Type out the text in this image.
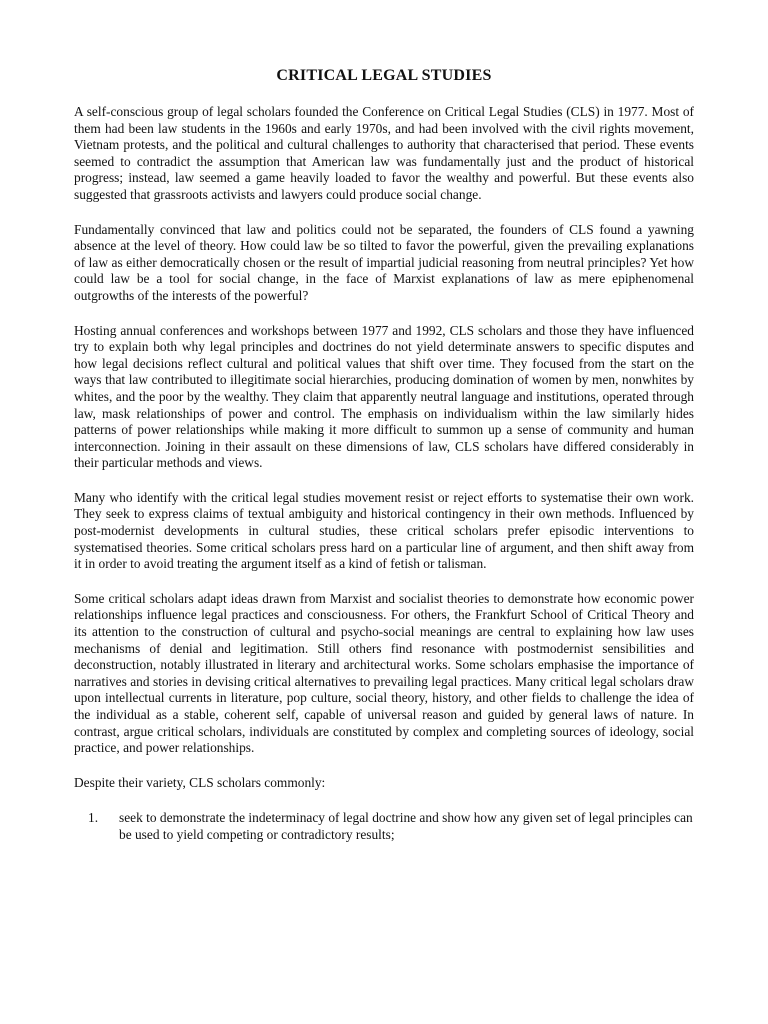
CRITICAL LEGAL STUDIES

A self-conscious group of legal scholars founded the Conference on Critical Legal Studies (CLS) in 1977. Most of them had been law students in the 1960s and early 1970s, and had been involved with the civil rights movement, Vietnam protests, and the political and cultural challenges to authority that characterised that period. These events seemed to contradict the assumption that American law was fundamentally just and the product of historical progress; instead, law seemed a game heavily loaded to favor the wealthy and powerful. But these events also suggested that grassroots activists and lawyers could produce social change.

Fundamentally convinced that law and politics could not be separated, the founders of CLS found a yawning absence at the level of theory. How could law be so tilted to favor the powerful, given the prevailing explanations of law as either democratically chosen or the result of impartial judicial reasoning from neutral principles? Yet how could law be a tool for social change, in the face of Marxist explanations of law as mere epiphenomenal outgrowths of the interests of the powerful?

Hosting annual conferences and workshops between 1977 and 1992, CLS scholars and those they have influenced try to explain both why legal principles and doctrines do not yield determinate answers to specific disputes and how legal decisions reflect cultural and political values that shift over time. They focused from the start on the ways that law contributed to illegitimate social hierarchies, producing domination of women by men, nonwhites by whites, and the poor by the wealthy. They claim that apparently neutral language and institutions, operated through law, mask relationships of power and control. The emphasis on individualism within the law similarly hides patterns of power relationships while making it more difficult to summon up a sense of community and human interconnection. Joining in their assault on these dimensions of law, CLS scholars have differed considerably in their particular methods and views.

Many who identify with the critical legal studies movement resist or reject efforts to systematise their own work. They seek to express claims of textual ambiguity and historical contingency in their own methods. Influenced by post-modernist developments in cultural studies, these critical scholars prefer episodic interventions to systematised theories. Some critical scholars press hard on a particular line of argument, and then shift away from it in order to avoid treating the argument itself as a kind of fetish or talisman.

Some critical scholars adapt ideas drawn from Marxist and socialist theories to demonstrate how economic power relationships influence legal practices and consciousness. For others, the Frankfurt School of Critical Theory and its attention to the construction of cultural and psycho-social meanings are central to explaining how law uses mechanisms of denial and legitimation. Still others find resonance with postmodernist sensibilities and deconstruction, notably illustrated in literary and architectural works. Some scholars emphasise the importance of narratives and stories in devising critical alternatives to prevailing legal practices. Many critical legal scholars draw upon intellectual currents in literature, pop culture, social theory, history, and other fields to challenge the idea of the individual as a stable, coherent self, capable of universal reason and guided by general laws of nature. In contrast, argue critical scholars, individuals are constituted by complex and completing sources of ideology, social practice, and power relationships.

Despite their variety, CLS scholars commonly:

1.	seek to demonstrate the indeterminacy of legal doctrine and show how any given set of legal principles can be used to yield competing or contradictory results;
